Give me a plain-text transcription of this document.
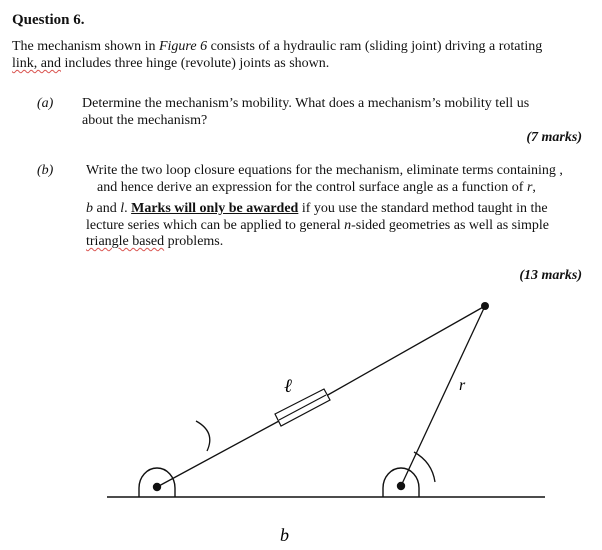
Question 6.
The mechanism shown in Figure 6 consists of a hydraulic ram (sliding joint) driving a rotating
link, and includes three hinge (revolute) joints as shown.
(a) Determine the mechanism’s mobility. What does a mechanism’s mobility tell us
about the mechanism?
(7 marks)
(b) Write the two loop closure equations for the mechanism, eliminate terms containing ,
and hence derive an expression for the control surface angle as a function of r,
b and l. Marks will only be awarded if you use the standard method taught in the
lecture series which can be applied to general n-sided geometries as well as simple
triangle based problems.
(13 marks)
ℓ	r
b
